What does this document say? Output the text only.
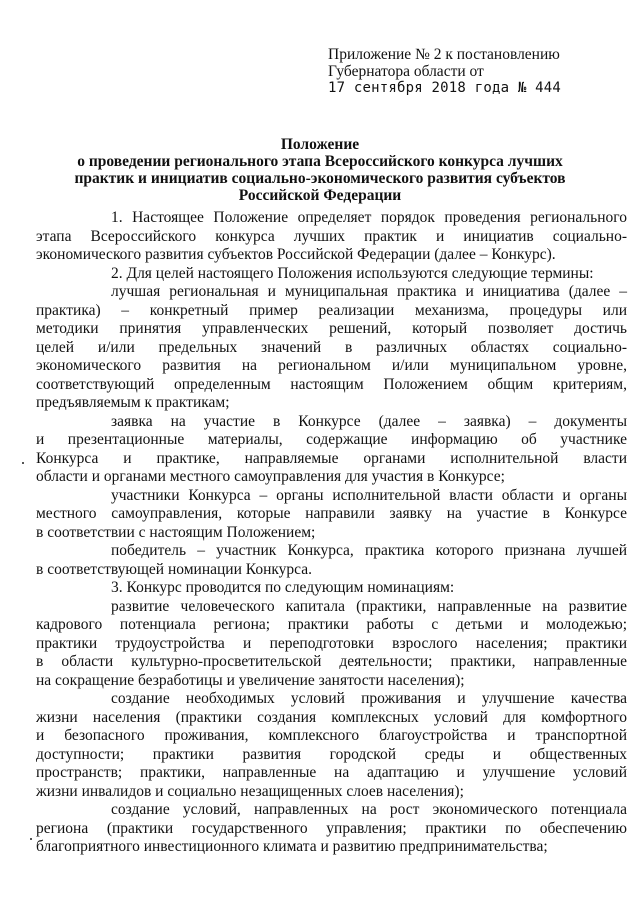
Приложение № 2 к постановлению
Губернатора области от
17 сентября 2018 года № 444
Положение
о проведении регионального этапа Всероссийского конкурса лучших
практик и инициатив социально-экономического развития субъектов
Российской Федерации
1. Настоящее Положение определяет порядок проведения регионального
этапа Всероссийского конкурса лучших практик и инициатив социально-
экономического развития субъектов Российской Федерации (далее – Конкурс).
2. Для целей настоящего Положения используются следующие термины:
лучшая региональная и муниципальная практика и инициатива (далее –
практика) – конкретный пример реализации механизма, процедуры или
методики принятия управленческих решений, который позволяет достичь
целей и/или предельных значений в различных областях социально-
экономического развития на региональном и/или муниципальном уровне,
соответствующий определенным настоящим Положением общим критериям,
предъявляемым к практикам;
заявка на участие в Конкурсе (далее – заявка) – документы
и презентационные материалы, содержащие информацию об участнике
Конкурса и практике, направляемые органами исполнительной власти
области и органами местного самоуправления для участия в Конкурсе;
участники Конкурса – органы исполнительной власти области и органы
местного самоуправления, которые направили заявку на участие в Конкурсе
в соответствии с настоящим Положением;
победитель – участник Конкурса, практика которого признана лучшей
в соответствующей номинации Конкурса.
3. Конкурс проводится по следующим номинациям:
развитие человеческого капитала (практики, направленные на развитие
кадрового потенциала региона; практики работы с детьми и молодежью;
практики трудоустройства и переподготовки взрослого населения; практики
в области культурно-просветительской деятельности; практики, направленные
на сокращение безработицы и увеличение занятости населения);
создание необходимых условий проживания и улучшение качества
жизни населения (практики создания комплексных условий для комфортного
и безопасного проживания, комплексного благоустройства и транспортной
доступности; практики развития городской среды и общественных
пространств; практики, направленные на адаптацию и улучшение условий
жизни инвалидов и социально незащищенных слоев населения);
создание условий, направленных на рост экономического потенциала
региона (практики государственного управления; практики по обеспечению
благоприятного инвестиционного климата и развитию предпринимательства;
